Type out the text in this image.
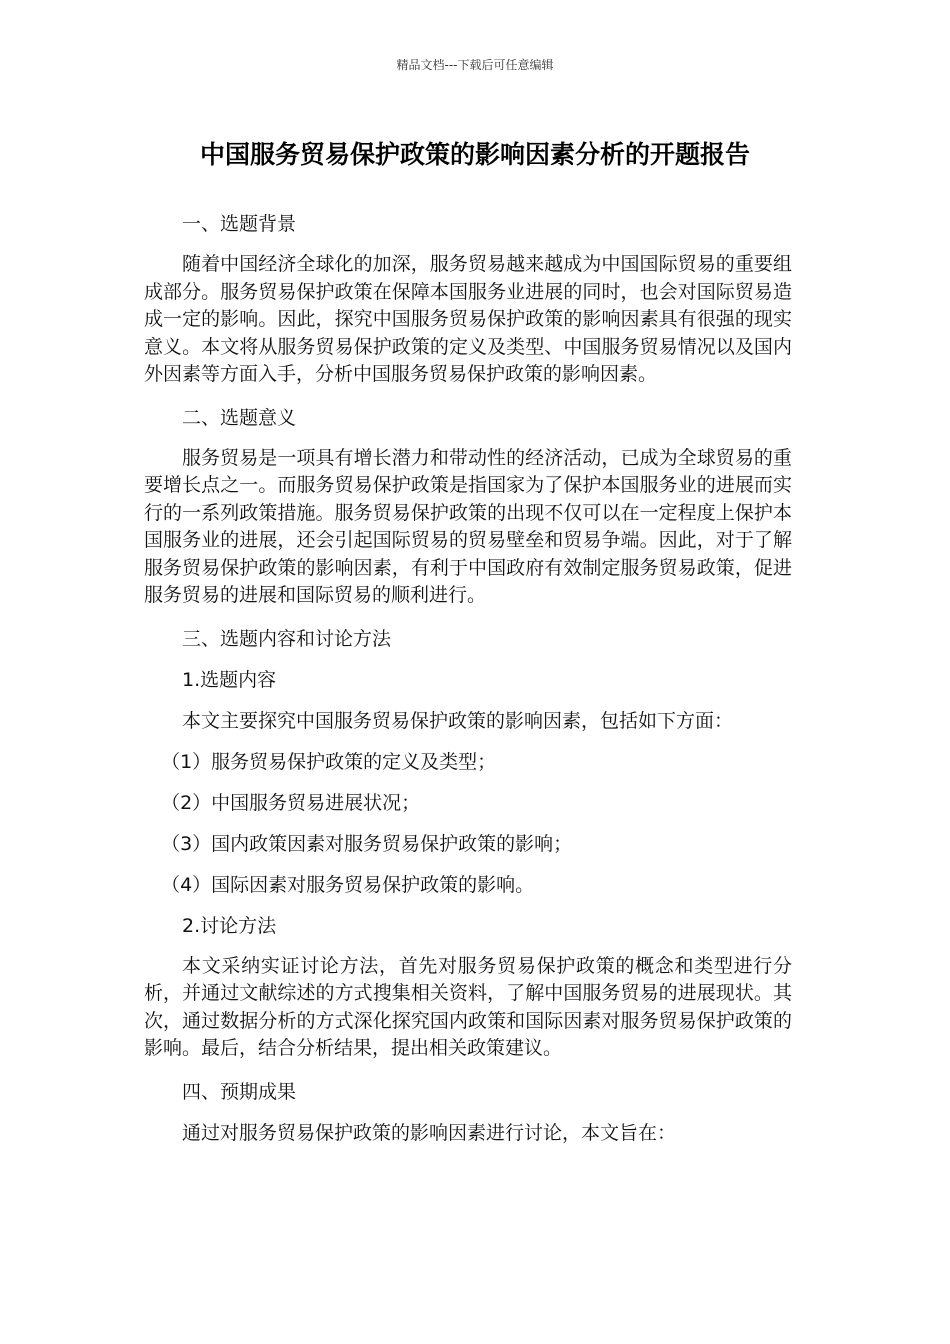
精品文档---下载后可任意编辑
中国服务贸易保护政策的影响因素分析的开题报告
一、选题背景

随着中国经济全球化的加深，服务贸易越来越成为中国国际贸易的重要组成部分。服务贸易保护政策在保障本国服务业进展的同时，也会对国际贸易造成一定的影响。因此，探究中国服务贸易保护政策的影响因素具有很强的现实意义。本文将从服务贸易保护政策的定义及类型、中国服务贸易情况以及国内外因素等方面入手，分析中国服务贸易保护政策的影响因素。

二、选题意义

服务贸易是一项具有增长潜力和带动性的经济活动，已成为全球贸易的重要增长点之一。而服务贸易保护政策是指国家为了保护本国服务业的进展而实行的一系列政策措施。服务贸易保护政策的出现不仅可以在一定程度上保护本国服务业的进展，还会引起国际贸易的贸易壁垒和贸易争端。因此，对于了解服务贸易保护政策的影响因素，有利于中国政府有效制定服务贸易政策，促进服务贸易的进展和国际贸易的顺利进行。

三、选题内容和讨论方法
1.选题内容
本文主要探究中国服务贸易保护政策的影响因素，包括如下方面：
（1）服务贸易保护政策的定义及类型；
（2）中国服务贸易进展状况；
（3）国内政策因素对服务贸易保护政策的影响；
（4）国际因素对服务贸易保护政策的影响。
2.讨论方法

本文采纳实证讨论方法，首先对服务贸易保护政策的概念和类型进行分析，并通过文献综述的方式搜集相关资料，了解中国服务贸易的进展现状。其次，通过数据分析的方式深化探究国内政策和国际因素对服务贸易保护政策的影响。最后，结合分析结果，提出相关政策建议。

四、预期成果
通过对服务贸易保护政策的影响因素进行讨论，本文旨在：
